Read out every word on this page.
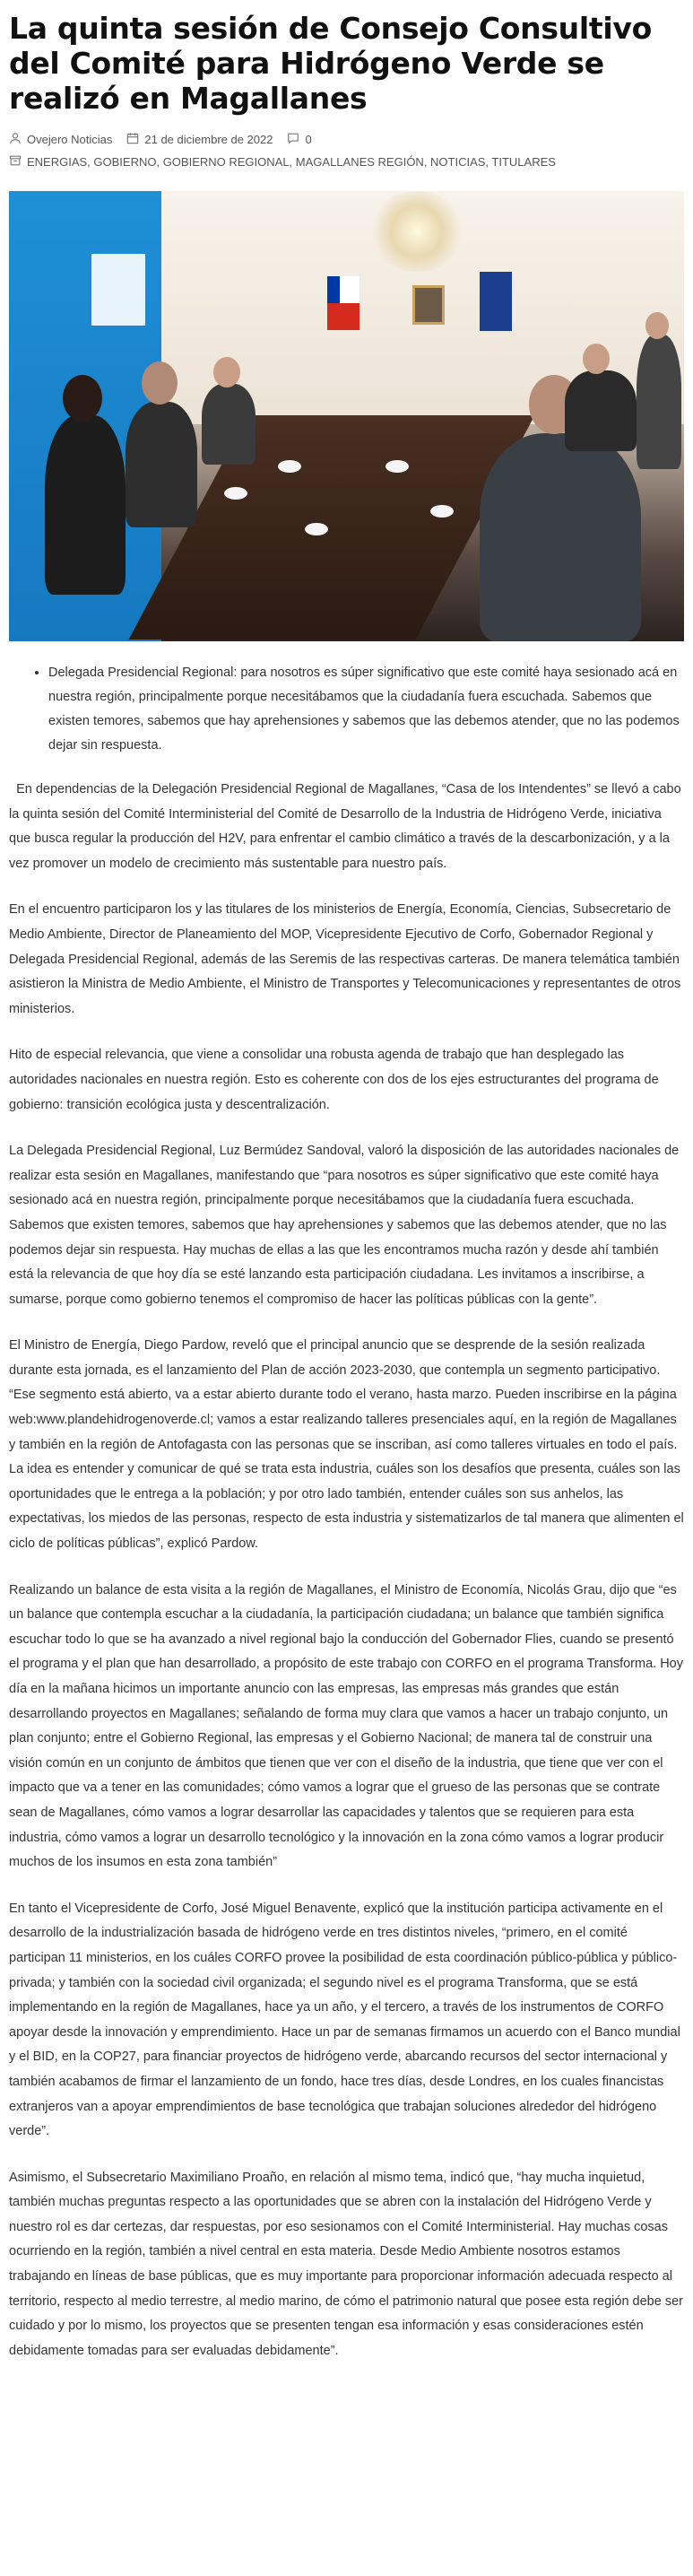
La quinta sesión de Consejo Consultivo del Comité para Hidrógeno Verde se realizó en Magallanes
Ovejero Noticias	21 de diciembre de 2022	0
ENERGIAS, GOBIERNO, GOBIERNO REGIONAL, MAGALLANES REGIÓN, NOTICIAS, TITULARES
• Delegada Presidencial Regional: para nosotros es súper significativo que este comité haya sesionado acá en nuestra región, principalmente porque necesitábamos que la ciudadanía fuera escuchada. Sabemos que existen temores, sabemos que hay aprehensiones y sabemos que las debemos atender, que no las podemos dejar sin respuesta.

En dependencias de la Delegación Presidencial Regional de Magallanes, “Casa de los Intendentes” se llevó a cabo la quinta sesión del Comité Interministerial del Comité de Desarrollo de la Industria de Hidrógeno Verde, iniciativa que busca regular la producción del H2V, para enfrentar el cambio climático a través de la descarbonización, y a la vez promover un modelo de crecimiento más sustentable para nuestro país.

En el encuentro participaron los y las titulares de los ministerios de Energía, Economía, Ciencias, Subsecretario de Medio Ambiente, Director de Planeamiento del MOP, Vicepresidente Ejecutivo de Corfo, Gobernador Regional y Delegada Presidencial Regional, además de las Seremis de las respectivas carteras. De manera telemática también asistieron la Ministra de Medio Ambiente, el Ministro de Transportes y Telecomunicaciones y representantes de otros ministerios.

Hito de especial relevancia, que viene a consolidar una robusta agenda de trabajo que han desplegado las autoridades nacionales en nuestra región. Esto es coherente con dos de los ejes estructurantes del programa de gobierno: transición ecológica justa y descentralización.

La Delegada Presidencial Regional, Luz Bermúdez Sandoval, valoró la disposición de las autoridades nacionales de realizar esta sesión en Magallanes, manifestando que “para nosotros es súper significativo que este comité haya sesionado acá en nuestra región, principalmente porque necesitábamos que la ciudadanía fuera escuchada. Sabemos que existen temores, sabemos que hay aprehensiones y sabemos que las debemos atender, que no las podemos dejar sin respuesta. Hay muchas de ellas a las que les encontramos mucha razón y desde ahí también está la relevancia de que hoy día se esté lanzando esta participación ciudadana. Les invitamos a inscribirse, a sumarse, porque como gobierno tenemos el compromiso de hacer las políticas públicas con la gente”.

El Ministro de Energía, Diego Pardow, reveló que el principal anuncio que se desprende de la sesión realizada durante esta jornada, es el lanzamiento del Plan de acción 2023-2030, que contempla un segmento participativo. “Ese segmento está abierto, va a estar abierto durante todo el verano, hasta marzo. Pueden inscribirse en la página web:www.plandehidrogenoverde.cl; vamos a estar realizando talleres presenciales aquí, en la región de Magallanes y también en la región de Antofagasta con las personas que se inscriban, así como talleres virtuales en todo el país. La idea es entender y comunicar de qué se trata esta industria, cuáles son los desafíos que presenta, cuáles son las oportunidades que le entrega a la población; y por otro lado también, entender cuáles son sus anhelos, las expectativas, los miedos de las personas, respecto de esta industria y sistematizarlos de tal manera que alimenten el ciclo de políticas públicas”, explicó Pardow.

Realizando un balance de esta visita a la región de Magallanes, el Ministro de Economía, Nicolás Grau, dijo que “es un balance que contempla escuchar a la ciudadanía, la participación ciudadana; un balance que también significa escuchar todo lo que se ha avanzado a nivel regional bajo la conducción del Gobernador Flies, cuando se presentó el programa y el plan que han desarrollado, a propósito de este trabajo con CORFO en el programa Transforma. Hoy día en la mañana hicimos un importante anuncio con las empresas, las empresas más grandes que están desarrollando proyectos en Magallanes; señalando de forma muy clara que vamos a hacer un trabajo conjunto, un plan conjunto; entre el Gobierno Regional, las empresas y el Gobierno Nacional; de manera tal de construir una visión común en un conjunto de ámbitos que tienen que ver con el diseño de la industria, que tiene que ver con el impacto que va a tener en las comunidades; cómo vamos a lograr que el grueso de las personas que se contrate sean de Magallanes, cómo vamos a lograr desarrollar las capacidades y talentos que se requieren para esta industria, cómo vamos a lograr un desarrollo tecnológico y la innovación en la zona cómo vamos a lograr producir muchos de los insumos en esta zona también”

En tanto el Vicepresidente de Corfo, José Miguel Benavente, explicó que la institución participa activamente en el desarrollo de la industrialización basada de hidrógeno verde en tres distintos niveles, “primero, en el comité participan 11 ministerios, en los cuáles CORFO provee la posibilidad de esta coordinación público-pública y público-privada; y también con la sociedad civil organizada; el segundo nivel es el programa Transforma, que se está implementando en la región de Magallanes, hace ya un año, y el tercero, a través de los instrumentos de CORFO apoyar desde la innovación y emprendimiento. Hace un par de semanas firmamos un acuerdo con el Banco mundial y el BID, en la COP27, para financiar proyectos de hidrógeno verde, abarcando recursos del sector internacional y también acabamos de firmar el lanzamiento de un fondo, hace tres días, desde Londres, en los cuales financistas extranjeros van a apoyar emprendimientos de base tecnológica que trabajan soluciones alrededor del hidrógeno verde”.

Asimismo, el Subsecretario Maximiliano Proaño, en relación al mismo tema, indicó que, “hay mucha inquietud, también muchas preguntas respecto a las oportunidades que se abren con la instalación del Hidrógeno Verde y nuestro rol es dar certezas, dar respuestas, por eso sesionamos con el Comité Interministerial. Hay muchas cosas ocurriendo en la región, también a nivel central en esta materia. Desde Medio Ambiente nosotros estamos trabajando en líneas de base públicas, que es muy importante para proporcionar información adecuada respecto al territorio, respecto al medio terrestre, al medio marino, de cómo el patrimonio natural que posee esta región debe ser cuidado y por lo mismo, los proyectos que se presenten tengan esa información y esas consideraciones estén debidamente tomadas para ser evaluadas debidamente”.
